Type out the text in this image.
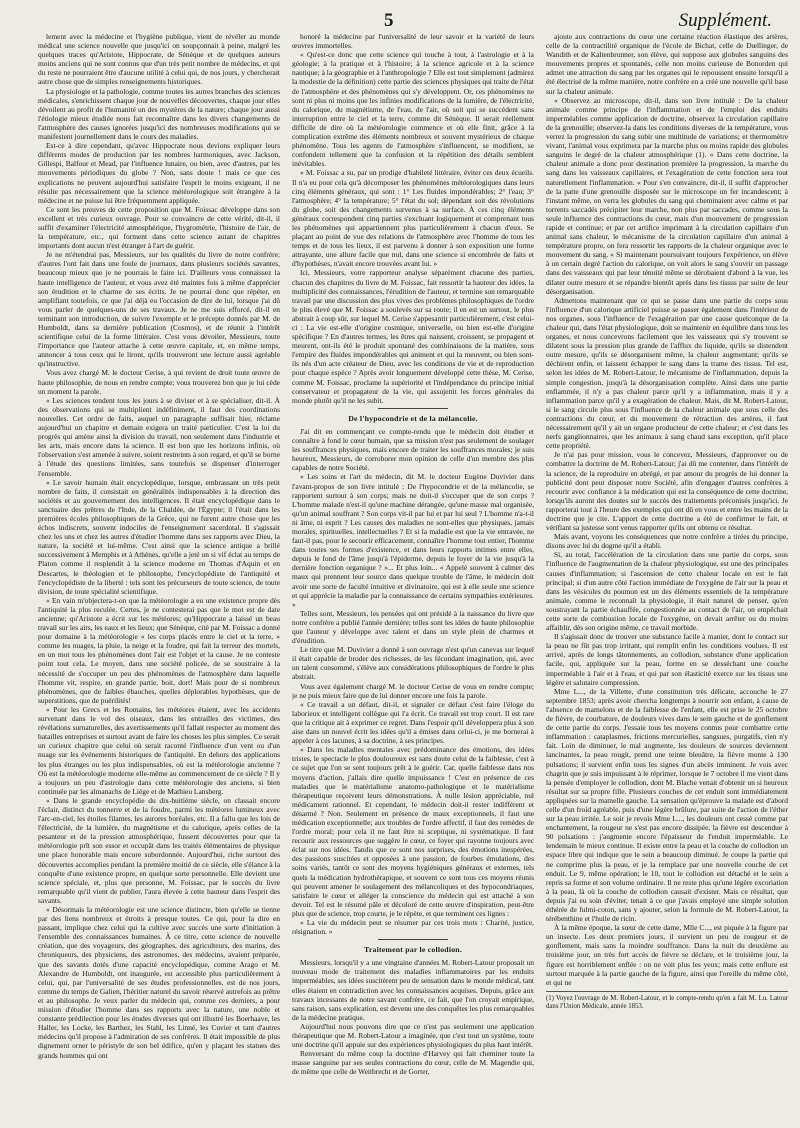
5	Supplément.

lement avec la médecine et l'hygiène publique, vient de révéler au monde médical une science nouvelle que jusqu'ici on soupçonnait à peine, malgré les quelques traces qu'Aristote, Hippocrate, de Sénèque et de quelques auteurs moins anciens qui ne sont connus que d'un très petit nombre de médecins, et qui du reste ne pourraient être d'aucune utilité à celui qui, de nos jours, y chercherait autre chose que de simples renseignements historiques.

La physiologie et la pathologie, comme toutes les autres branches des sciences médicales, s'enrichissent chaque jour de nouvelles découvertes, chaque jour elles dévoilent au profit de l'humanité un des mystères de la nature; chaque jour aussi l'étiologie mieux étudiée nous fait reconnaître dans les divers changements de l'atmosphère des causes ignorées jusqu'ici des nombreuses modifications qui se manifestent journellement dans le cours des maladies.

Est-ce à dire cependant, qu'avec Hippocrate nous devions expliquer leurs différents modes de production par les nombres harmoniques, avec Jackson, Gillespi, Balfour et Mead, par l'influence lunaire, ou bien, avec d'autres, par les mouvements périodiques du globe ? Non, sans doute ! mais ce que ces explications ne peuvent aujourd'hui satisfaire l'esprit le moins exigeant, il ne résulte pas nécessairement que la science météorologique soit étrangère à la médecine et ne puisse lui être fréquemment appliquée.

Ce sont les preuves de cette proposition que M. Foissac développe dans son excellent et très curieux ouvrage. Pour se convaincre de cette vérité, dit-il, il suffit d'examiner l'électricité atmosphérique, l'hygrométrie, l'histoire de l'air, de la température, etc., qui forment dans cette science autant de chapitres importants dont aucun n'est étranger à l'art de guérir.

Je ne m'étendrai pas, Messieurs, sur les qualités du livre de notre confrère; d'autres l'ont fait dans une foule de journaux, dans plusieurs sociétés savantes, beaucoup mieux que je ne pourrais le faire ici. D'ailleurs vous connaissez la haute intelligence de l'auteur, et vous avez été maintes fois à même d'apprécier son érudition et le charme de ses écrits. Je ne pourrai donc que répéter, en amplifiant toutefois, ce que j'ai déjà eu l'occasion de dire de lui, lorsque j'ai dû vous parler de quelques-uns de ses travaux. Je ne me suis efforcé, dit-il en terminant son introduction, de suivre l'exemple et le précepte donnés par M. de Humboldt, dans sa dernière publication (Cosmos), et de réunir à l'intérêt scientifique celui de la forme littéraire. C'est vous dévoiler, Messieurs, toute l'importance que l'auteur attache à cette œuvre capitale, et, en même temps, annoncer à tous ceux qui le liront, qu'ils trouveront une lecture aussi agréable qu'instructive.

Vous avez chargé M. le docteur Cerise, à qui revient de droit toute œuvre de haute philosophie, de nous en rendre compte; vous trouverez bon que je lui cède un moment la parole.

« Les sciences tendent tous les jours à se diviser et à se spécialiser, dit-il. À des observations qui se multiplient indéfiniment, il faut des coordinations nouvelles. Cet ordre de faits, auquel un paragraphe suffisait hier, réclame aujourd'hui un chapitre et demain exigera un traité particulier. C'est la loi du progrès qui amène ainsi la division du travail, non seulement dans l'industrie et les arts, mais encore dans la science. Il est bon que les horizons infinis, où l'observation s'est amenée à suivre, soient restreints à son regard, et qu'il se borne à l'étude des questions limitées, sans toutefois se dispenser d'interroger l'ensemble.

« Le savoir humain était encyclopédique, lorsque, embrassant un très petit nombre de faits, il consistait en généralités indispensables à la direction des sociétés et au gouvernement des intelligences. Il était encyclopédique dans le sanctuaire des prêtres de l'Inde, de la Chaldée, de l'Égypte; il l'était dans les premières écoles philosophiques de la Grèce, qui ne furent autre chose que les échos indiscrets, souvent indociles de l'enseignement sacerdotal. Il s'agissait chez les uns et chez les autres d'étudier l'homme dans ses rapports avec Dieu, la nature, la société et lui-même. C'est ainsi que la science antique a brillé successivement à Memphis et à Athènes, qu'elle a jeté un si vif éclat au temps de Platon comme il resplendit à la science moderne en Thomas d'Aquin et en Descartes, le théologien et le philosophe, l'encyclopédiste de l'antiquité et l'encyclopédiste de la liberté : tels sont les précurseurs de toute science, de toute division, de toute spécialité scientifique.

« En vain m'objectera-t-on que la météorologie a eu une existence propre dès l'antiquité la plus reculée. Certes, je ne contesterai pas que le mot est de date ancienne; qu'Aristote a écrit sur les météores; qu'Hippocrate a laissé un beau travail sur les airs, les eaux et les lieux; que Sénèque, cité par M. Foissac a donné pour domaine à la météorologie « les corps placés entre le ciel et la terre, » comme les nuages, la pluie, la neige et la foudre, qui fait la terreur des mortels, en un mot tous les phénomènes dont l'air est l'objet et la cause. Je ne conteste point tout cela. Le moyen, dans une société policée, de se soustraire à la nécessité de s'occuper un peu des phénomènes de l'atmosphère dans laquelle l'homme vit, respire, en grande partie, boit, dort! Mais pour de si nombreux phénomènes, que de faibles ébauches, quelles déplorables hypothèses, que de superstitions, que de puérilités!

« Pour les Grecs et les Romains, les météores étaient, avec les accidents survenant dans le vol des oiseaux, dans les entrailles des victimes, des révélations surnaturelles, des avertissements qu'il fallait respecter au moment des batailles entreprises et surtout avant de faire les choses les plus simples. Ce serait un curieux chapitre que celui où serait raconté l'influence d'un vent ou d'un nuage sur les événements historiques de l'antiquité. En dehors des applications les plus étranges ou les plus indispensables, où est la météorologie ancienne ? Où est la météorologie moderne elle-même au commencement de ce siècle ? Il y a toujours un peu d'astrologie dans cette météorologie des anciens, si bien continuée par les almanachs de Liège et de Mathieu Lansberg.

« Dans le grande encyclopédie du dix-huitième siècle, on classait encore l'éclair, distinct du tonnerre et de la foudre, parmi les météores lumineux avec l'arc-en-ciel, les étoiles filantes, les aurores boréales, etc. Il a fallu que les lois de l'électricité, de la lumière, du magnétisme et du calorique, après celles de la pesanteur et de la pression atmosphérique, fussent découvertes pour que la météorologie prît son essor et occupât dans les traités élémentaires de physique une place honorable mais encore subordonnée. Aujourd'hui, riche surtout des découvertes accomplies pendant la première moitié de ce siècle, elle s'élance à la conquête d'une existence propre, en quelque sorte personnelle. Elle devient une science spéciale, et, plus que personne, M. Foissac, par le succès du livre remarquable qu'il vient de publier, l'aura élevée à cette hauteur dans l'esprit des savants.

« Désormais la météorologie est une science distincte, bien qu'elle se tienne par des liens nombreux et étroits à presque toutes. Ce qui, pour la dire en passant, implique chez celui qui la cultive avec succès une sorte d'initiation à l'ensemble des connaissances humaines. À ce titre, cette science de nouvelle création, que des voyageurs, des géographes, des agriculteurs, des marins, des chroniqueurs, des physiciens, des astronomes, des médecins, avaient préparée, que des savants dotés d'une capacité encyclopédique, comme Arago et M. Alexandre de Humboldt, ont inaugurée, est accessible plus particulièrement à celui, qui, par l'universalité de ses études professionnelles, est de nos jours, comme du temps de Galien, l'héritier naturel du savoir réservé autrefois au prêtre et au philosophe. Je veux parler du médecin qui, comme ces derniers, a pour mission d'étudier l'homme dans ses rapports avec la nature, une noble et constante prédilection pour les études diverses qui ont illustré les Boerhaave, les Haller, les Locke, les Barthez, les Stahl, les Linné, les Cuvier et tant d'autres médecins qu'il propose à l'admiration de ses confrères. Il était impossible de plus dignement orner le péristyle de son bel édifice, qu'en y plaçant les statues des grands hommes qui ont

honoré la médecine par l'universalité de leur savoir et la variété de leurs œuvres immortelles.

« Qu'est-ce donc que cette science qui touche à tout, à l'astrologie et à la géologie; à la pratique et à l'histoire; à la science agricole et à la science nautique; à la géographie et à l'anthropologie ? Elle est tout simplement (admirez la modestie de la définition) cette partie des sciences physiques qui traite de l'état de l'atmosphère et des phénomènes qui s'y développent. Or, ces phénomènes ne sont ni plus ni moins que les infinies modifications de la lumière, de l'électricité, du calorique, du magnétisme, de l'eau, de l'air, où soit qui se succèdent sans interruption entre le ciel et la terre, comme dit Sénèque. Il serait réellement difficile de dire où la météorologie commence et où elle finit, grâce à la complication extrême des éléments nombreux et souvent mystérieux de chaque phénomène. Tous les agents de l'atmosphère s'influencent, se modifient, se confondent tellement que la confusion et la répétition des détails semblent inévitables.

« M. Foissac a su, par un prodige d'habileté littéraire, éviter ces deux écueils. Il n'a eu pour cela qu'à décomposer les phénomènes météorologiques dans leurs cinq éléments généraux, qui sont : 1° Les fluides impondérables; 2° l'eau; 3° l'atmosphère; 4° la température; 5° l'état du sol; dépendant soit des révolutions du globe, soit des changements survenus à sa surface. À ces cinq éléments généraux correspondent cinq parties s'excluant logiquement et comprenant tous les phénomènes qui appartiennent plus particulièrement à chacun d'eux. Se plaçant au point de vue des relations de l'atmosphère avec l'homme de tous les temps et de tous les lieux, il est parvenu à donner à son exposition une forme attrayante, une allure facile que nul, dans une science si encombrée de faits et d'hypothèses, n'avait encore trouvées avant lui. »

Ici, Messieurs, votre rapporteur analyse séparément chacune des parties, chacun des chapitres du livre de M. Foissac, fait ressortir la hauteur des idées, la multiplicité des connaissances, l'érudition de l'auteur, et termine son remarquable travail par une discussion des plus vives des problèmes philosophiques de l'ordre le plus élevé que M. Foissac a soulevés sur sa route; il en est un surtout, le plus abstrait à coup sûr, sur lequel M. Cerise s'appesantit particulièrement, c'est celui-ci : La vie est-elle d'origine cosmique, universelle, ou bien est-elle d'origine spécifique ? En d'autres termes, les êtres qui naissent, croissent, se propagent et meurent, ont-ils été le produit spontané des combinaisons de la matière, sous l'empire des fluides impondérables qui animent et qui la meuvent, ou bien sont-ils nés d'un acte créateur de Dieu, avec les conditions de vie et de reproduction pour chaque espèce ? Après avoir longuement développé cette thèse, M. Cerise, comme M. Foissac, proclame la supériorité et l'indépendance du principe initial conservateur et propagateur de la vie, qui assujettit les forces générales du monde plutôt qu'il ne les subit.

De l'hypocondrie et de la mélancolie.

J'ai dit en commençant ce compte-rendu que le médecin doit étudier et connaître à fond le cœur humain, que sa mission n'est pas seulement de soulager les souffrances physiques, mais encore de traiter les souffrances morales; je suis heureux, Messieurs, de corroborer mon opinion de celle d'un membre des plus capables de notre Société.

« Les soins et l'art du médecin, dit M. le docteur Eugène Duvivier dans l'avant-propos de son livre intitulé : De l'hypocondrie et de la mélancolie, se rapportent surtout à son corps; mais ne doit-il s'occuper que de son corps ? L'homme malade n'est-il qu'une machine dérangée, qu'une masse mal organisée, qu'un animal souffrant ? Son corps vit-il par lui et par lui seul ? L'homme n'a-t-il ni âme, ni esprit ? Les causes des maladies ne sont-elles que physiques, jamais morales, spirituelles, intellectuelles ? Et si la maladie est que la vie entravée, ne faut-il pas, pour le secourir efficacement, connaître l'homme tout entier, l'homme dans toutes ses formes d'existence, et dans leurs rapports intimes entre elles, depuis le fond de l'âme jusqu'à l'épiderme, depuis le foyer de la vie jusqu'à la dernière fonction organique ? »... Et plus loin... « Appelé souvent à calmer des maux qui prennent leur source dans quelque trouble de l'âme, le médecin doit avoir une sorte de faculté intuitive et divinatoire, qui est à elle seule une science et qui apprécie la maladie par la connaissance de certains sympathies extérieures. »

Telles sont, Messieurs, les pensées qui ont présidé à la naissance du livre que notre confrère a publié l'année dernière; telles sont les idées de haute philosophie que l'auteur y développe avec talent et dans un style plein de charmes et d'érudition.

Le titre que M. Duvivier a donné à son ouvrage n'est qu'un canevas sur lequel il était capable de broder des richesses, de les fécondant imagination, qui, avec un talent consommé, s'élève aux considérations philosophiques de l'ordre le plus abstrait.

Vous avez également chargé M. le docteur Cerise de vous en rendre compte; je ne puis mieux faire que de lui donner encore une fois la parole.

« Ce travail a un défaut, dit-il, et signaler ce défaut c'est faire l'éloge du laborieux et intelligent collègue qui l'a écrit. Ce travail est trop court. Il est rare que la critique ait à exprimer ce regret. Dans l'espoir qu'il développera plus à son aise dans un nouvel écrit les idées qu'il a émises dans celui-ci, je me bornerai à appeler à ces lacunes, à sa doctrine, à ses principes.

« Dans les maladies mentales avec prédominance des émotions, des idées tristes, le spectacle le plus douloureux est sans doute celui de la faiblesse, c'est à ce sujet que l'on se sent toujours prêt à le guérir. Car, quelle faiblesse dans nos moyens d'action, j'allais dire quelle impuissance ! C'est en présence de ces maladies que le matérialisme anatomo-pathologique et le matérialisme thérapeutique reçoivent leurs démonstrations. À nulle lésion appréciable, nul médicament rationnel. Et cependant, le médecin doit-il rester indifférent et désarmé ? Non. Seulement en présence de maux exceptionnels, il faut une médication exceptionnelle; aux troubles de l'ordre affectif, il faut des remèdes de l'ordre moral; pour cela il ne faut être ni sceptique, ni systématique. Il faut recourir aux ressources que suggère le cœur, ce foyer qui rayonne toujours avec éclat sur nos idées. Tandis que ce sont nos surprises, des émotions inespérées, des passions suscitées et opposées à une passion, de fourbes émulations, des soins variés, tantôt ce sont des moyens hygiéniques généraux et externes, tels quels la médication hydrothérapique, et souvent ce sont tous ces moyens réunis qui peuvent amener le soulagement des mélancoliques et des hypocondriaques, satisfaire le cœur et alléger la conscience du médecin qui est attaché à son devoir. Tel est le résumé pâle et décoloré de cette œuvre d'inspiration, peut-être plus que de science, trop courte, je le répète, et que terminent ces lignes :

« La vie du médecin peut se résumer par ces trois mots : Charité, justice, résignation. »

Traitement par le collodion.

Messieurs, lorsqu'il y a une vingtaine d'années M. Robert-Latour proposait un nouveau mode de traitement des maladies inflammatoires par les enduits imperméables, ses idées suscitèrent peu de sensation dans le monde médical, tant elles étaient en contradiction avec les connaissances acquises. Depuis, grâce aux travaux incessants de notre savant confrère, ce fait, que l'on croyait empirique, sans raison, sans explication, est devenu une des conquêtes les plus remarquables de la médecine pratique.

Aujourd'hui nous pouvons dire que ce n'est pas seulement une application thérapeutique que M. Robert-Latour a imaginée, que c'est tout un système, toute une doctrine qu'il appuie sur des expériences physiologiques du plus haut intérêt.

Renversant du même coup la doctrine d'Harvey qui fait cheminer toute la masse sanguine par ses seules contractions du cœur, celle de M. Magendie qui, de même que celle de Weitbrecht et de Gorter,

ajoute aux contractions du cœur une certaine réaction élastique des artères, celle de la contractilité organique de l'école de Bichat, celle de Dœllinger, de Wandith et de Kaltenbrunner, son élève, qui suppose aux globules sanguins des mouvements propres et spontanés, celle non moins curieuse de Bonorden qui admet une attraction du sang par les organes qui le repoussent ensuite lorsqu'il a été électrisé de la même manière, notre confrère en a créé une nouvelle qu'il base sur la chaleur animale.

« Observez au microscope, dit-il, dans son livre intitulé : De la chaleur animale comme principe de l'inflammation et de l'emploi des enduits imperméables comme application de doctrine, observez la circulation capillaire de la grenouille; observez-la dans les conditions diverses de la température, vous verrez la progression du sang subir une multitude de variations; et thermomètre vivant, l'animal vous exprimera par la marche plus ou moins rapide des globules sanguins le degré de la chaleur atmosphérique (1). « Dans cette doctrine, la chaleur animale a donc pour destination première la progression, la marche du sang dans les vaisseaux capillaires, et l'exagération de cette fonction sera tout naturellement l'inflammation. « Pour s'en convaincre, dit-il, il suffit d'approcher de la patte d'une grenouille disposée sur le microscope un fer incandescent; à l'instant même, on verra les globules du sang qui cheminaient avec calme et par torrents saccadés précipiter leur marche, non plus par saccades, comme sous la seule influence des contractions du cœur, mais d'un mouvement de progression rapide et continue; et par cet artifice imprimant à la circulation capillaire d'un animal sans chaleur, le mécanisme de la circulation capillaire d'un animal à température propre, on fera ressortir les rapports de la chaleur organique avec le mouvement du sang. « Si maintenant poursuivant toujours l'expérience, on élève à un certain degré l'action du calorique, on voit alors le sang s'ouvrir un passage dans des vaisseaux qui par leur ténuité même se dérobaient d'abord à la vue, les dilater outre mesure et se répandre bientôt après dans les tissus par suite de leur désorganisation.

Admettons maintenant que ce qui se passe dans une partie du corps sous l'influence d'un calorique artificiel puisse se passer également dans l'intérieur de nos organes, sous l'influence de l'exagération par une cause quelconque de la chaleur qui, dans l'état physiologique, doit se maintenir en équilibre dans tous les organes, et nous concevrons facilement que les vaisseaux qui s'y trouvent se dilatent sous la pression plus grande de l'afflux du liquide, qu'ils se distendent outre mesure, qu'ils se désorganisent même, la chaleur augmentant; qu'ils se déchirent enfin, et laissent échapper le sang dans la trame des tissus. Tel est, selon les idées de M. Robert-Latour, le mécanisme de l'inflammation, depuis la simple congestion, jusqu'à la désorganisation complète. Ainsi dans une partie enflammée, il n'y a pas chaleur parce qu'il y a inflammation, mais il y a inflammation parce qu'il y a exagération de chaleur. Mais, dit M. Robert-Latour, si le sang circule plus sous l'influence de la chaleur animale que sous celle des contractions du cœur, et du mouvement de rétraction des artères, il faut nécessairement qu'il y ait un organe producteur de cette chaleur; et c'est dans les nerfs ganglionnaires, que les animaux à sang chaud sans exception, qu'il place cette propriété.

Je n'ai pas pour mission, vous le concevez, Messieurs, d'approuver ou de combattre la doctrine de M. Robert-Latour; j'ai dû me contenter, dans l'intérêt de la science, de la reproduire en abrégé, et par amour du progrès de lui donner la publicité dont peut disposer notre Société, afin d'engager d'autres confrères à recourir avec confiance à la médication qui est la conséquence de cette doctrine, lorsqu'ils auront des doutes sur le succès des traitements préconisés jusqu'ici. Je rapporterai tout à l'heure des exemples qui ont dû en vous et entre les mains de la doctrine que je cite. L'apport de cette doctrine a été de confirmer le fait, et vérifiant sa justesse sont venus rapporter qu'ils ont obtenu ce résultat.

Mais avant, voyons les conséquences que notre confrère a tirées du principe, disons avec lui du dogme qu'il a établi.

Si, au total, l'accélération de la circulation dans une partie du corps, sous l'influence de l'augmentation de la chaleur physiologique, est une des principales causes d'inflammation; si l'ascension de cette chaleur locale en est le fait principal; si d'un autre côté l'action immédiate de l'oxygène de l'air sur la peau et dans les vésicules du poumon est un des éléments essentiels de la température animale, comme le reconnaît la physiologie, il était naturel de penser, qu'en soustrayant la partie échauffée, congestionnée au contact de l'air, on empêchait cette sorte de combustion locale de l'oxygène, on devait arrêter ou du moins affaiblir, dès son origine même, ce travail morbide.

Il s'agissait donc de trouver une substance facile à manier, dont le contact sur la peau ne fût pas trop irritant, qui remplit enfin les conditions voulues. Il est arrivé, après de longs tâtonnements, au collodion, substance d'une application facile, qui, appliquée sur la peau, forme en se desséchant une couche imperméable à l'air et à l'eau, et qui par son élasticité exerce sur les tissus une légère et salutaire compression.

Mme L..., de la Villette, d'une constitution très délicate, accouche le 27 septembre 1853; après avoir chercha longtemps à nourrir son enfant, à cause de l'absence de mamelons et de la faiblesse de l'enfant, elle est prise le 25 octobre de fièvre, de courbature, de douleurs vives dans le sein gauche et de gonflement de cette partie du corps. J'essaie tous les moyens connus pour combattre cette inflammation : cataplasmes, frictions mercurielles, sangsues, purgatifs, rien n'y fait. Loin de diminuer, le mal augmente, les douleurs de sources deviennent lancinantes, la peau rougit, prend une teinte bleuâtre, la fièvre monte à 130 pulsations; il survient enfin tous les signes d'un abcès imminent. Je vois avec chagrin que je suis impuissant à le réprimer, lorsque le 7 octobre il me vient dans la pensée d'employer le collodion, dont M. Blache venait d'obtenir un si heureux résultat sur sa propre fille. Plusieurs couches de cet enduit sont immédiatement appliquées sur la mamelle gauche. La sensation qu'éprouve la malade est d'abord celle d'un froid agréable, puis d'une légère brûlure, par suite de l'action de l'éther sur la peau irritée. Le soir je revois Mme L..., les douleurs ont cessé comme par enchantement, la rougeur ne s'est pas encore dissipée, la fièvre est descendue à 90 pulsations : j'augmente encore l'épaisseur de l'enduit imperméable. Le lendemain le mieux continue. Il existe entre la peau et la couche de collodion un espace libre qui indique que le sein a beaucoup diminué. Je coupe la partie qui ne comprime plus la peau, et je la remplace par une nouvelle couche de cet enduit. Le 9, même opération; le 10, tout le collodion est détaché et le sein a repris sa forme et son volume ordinaire. Il ne reste plus qu'une légère excoriation à la peau, là où la couche de collodion causait d'exister. Mais ce résultat, que depuis j'ai eu soin d'éviter, tenait à ce que j'avais employé une simple solution éthérée de fulmi-coton, sans y ajouter, selon la formule de M. Robert-Latour, la térébenthine et l'huile de ricin.

À la même époque, la sœur de cette dame, Mlle C..., est piquée à la figure par un insecte. Les deux premiers jours, il survient un peu de rougeur et de gonflement, mais sans la moindre souffrance. Dans la nuit du deuxième au troisième jour, un très fort accès de fièvre se déclare, et le troisième jour, la figure est horriblement enflée : on ne voit plus les yeux; mais cette enflure est surtout marquée à la partie gauche de la figure, ainsi que l'oreille du même côté, et qui ne

(1) Voyez l'ouvrage de M. Robert-Latour, et le compte-rendu qu'en a fait M. Lu. Latour dans l'Union Médicale, année 1853.
